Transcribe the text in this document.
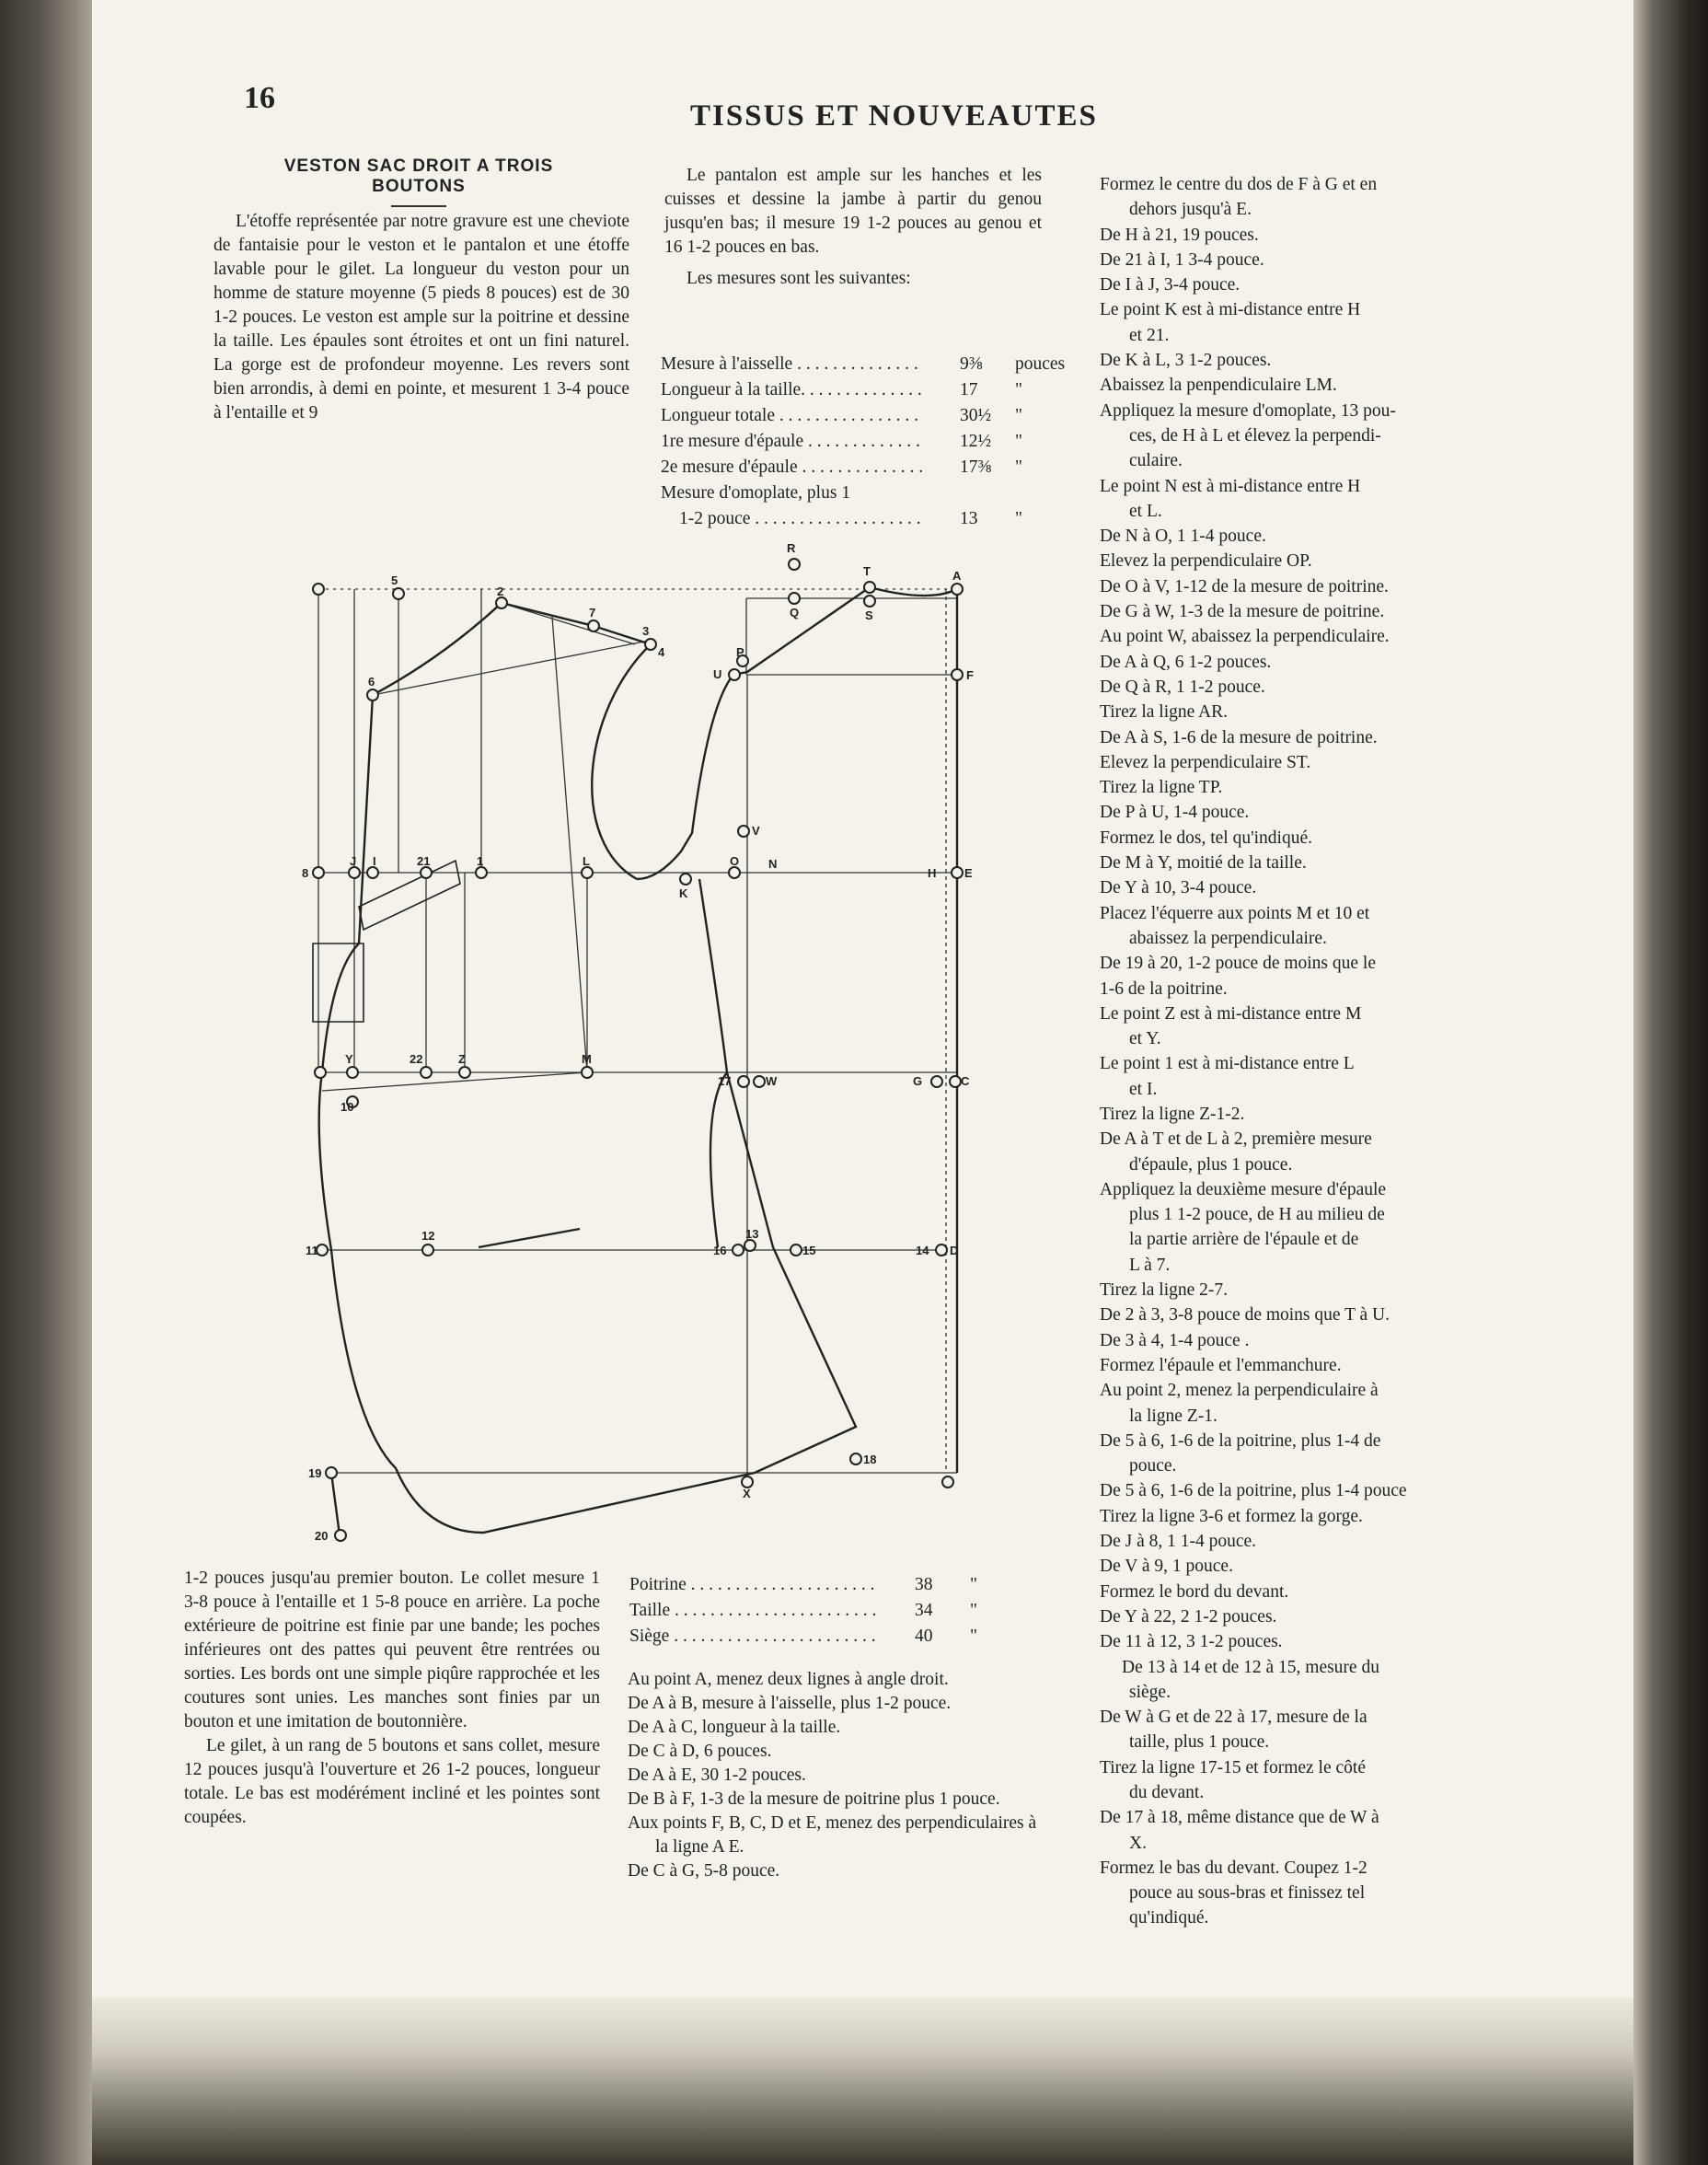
16
TISSUS ET NOUVEAUTES
VESTON SAC DROIT A TROIS
BOUTONS

L'étoffe représentée par notre gravure est une cheviote de fantaisie pour le veston et le pantalon et une étoffe lavable pour le gilet. La longueur du veston pour un homme de stature moyenne (5 pieds 8 pouces) est de 30 1-2 pouces. Le veston est ample sur la poitrine et dessine la taille. Les épaules sont étroites et ont un fini naturel. La gorge est de profondeur moyenne. Les revers sont bien arrondis, à demi en pointe, et mesurent 1 3-4 pouce à l'entaille et 9

Le pantalon est ample sur les hanches et les cuisses et dessine la jambe à partir du genou jusqu'en bas; il mesure 19 1-2 pouces au genou et 16 1-2 pouces en bas.

Les mesures sont les suivantes:

Mesure à l'aisselle . . . . . . . . . . . . . .	9⅜	pouces
Longueur à la taille. . . . . . . . . . . . . .	17	"
Longueur totale . . . . . . . . . . . . . . . .	30½	"
1re mesure d'épaule . . . . . . . . . . . . .	12½	"
2e mesure d'épaule . . . . . . . . . . . . . .	17⅜	"
Mesure d'omoplate, plus 1
1-2 pouce . . . . . . . . . . . . . . . . . . .	13	"
5
2
7
3
4
6
R
T	A
Q	S
P
U	F
V
8
J I	21	1	L
K
O N
H E
Y	22	Z	M
17	W	G	C
10
11
12	13
16	15	14 D
19
X
18
20

1-2 pouces jusqu'au premier bouton. Le collet mesure 1 3-8 pouce à l'entaille et 1 5-8 pouce en arrière. La poche extérieure de poitrine est finie par une bande; les poches inférieures ont des pattes qui peuvent être rentrées ou sorties. Les bords ont une simple piqûre rapprochée et les coutures sont unies. Les manches sont finies par un bouton et une imitation de boutonnière.

Le gilet, à un rang de 5 boutons et sans collet, mesure 12 pouces jusqu'à l'ouverture et 26 1-2 pouces, longueur totale. Le bas est modérément incliné et les pointes sont coupées.

Poitrine . . . . . . . . . . . . . . . . . . . . .	38	"
Taille . . . . . . . . . . . . . . . . . . . . . . .	34	"
Siège . . . . . . . . . . . . . . . . . . . . . . .	40	"
Au point A, menez deux lignes à angle droit.
De A à B, mesure à l'aisselle, plus 1-2 pouce.
De A à C, longueur à la taille.
De C à D, 6 pouces.
De A à E, 30 1-2 pouces.
De B à F, 1-3 de la mesure de poitrine plus 1 pouce.
Aux points F, B, C, D et E, menez des perpendiculaires à la ligne A E.
De C à G, 5-8 pouce.
Formez le centre du dos de F à G et en
dehors jusqu'à E.
De H à 21, 19 pouces.
De 21 à I, 1 3-4 pouce.
De I à J, 3-4 pouce.
Le point K est à mi-distance entre H
et 21.
De K à L, 3 1-2 pouces.
Abaissez la penpendiculaire LM.
Appliquez la mesure d'omoplate, 13 pou-
ces, de H à L et élevez la perpendi-
culaire.
Le point N est à mi-distance entre H
et L.
De N à O, 1 1-4 pouce.
Elevez la perpendiculaire OP.
De O à V, 1-12 de la mesure de poitrine.
De G à W, 1-3 de la mesure de poitrine.
Au point W, abaissez la perpendiculaire.
De A à Q, 6 1-2 pouces.
De Q à R, 1 1-2 pouce.
Tirez la ligne AR.
De A à S, 1-6 de la mesure de poitrine.
Elevez la perpendiculaire ST.
Tirez la ligne TP.
De P à U, 1-4 pouce.
Formez le dos, tel qu'indiqué.
De M à Y, moitié de la taille.
De Y à 10, 3-4 pouce.
Placez l'équerre aux points M et 10 et
abaissez la perpendiculaire.
De 19 à 20, 1-2 pouce de moins que le
1-6 de la poitrine.
Le point Z est à mi-distance entre M
et Y.
Le point 1 est à mi-distance entre L
et I.
Tirez la ligne Z-1-2.
De A à T et de L à 2, première mesure
d'épaule, plus 1 pouce.
Appliquez la deuxième mesure d'épaule
plus 1 1-2 pouce, de H au milieu de
la partie arrière de l'épaule et de
L à 7.
Tirez la ligne 2-7.
De 2 à 3, 3-8 pouce de moins que T à U.
De 3 à 4, 1-4 pouce .
Formez l'épaule et l'emmanchure.
Au point 2, menez la perpendiculaire à
la ligne Z-1.
De 5 à 6, 1-6 de la poitrine, plus 1-4 de
pouce.
De 5 à 6, 1-6 de la poitrine, plus 1-4 pouce
Tirez la ligne 3-6 et formez la gorge.
De J à 8, 1 1-4 pouce.
De V à 9, 1 pouce.
Formez le bord du devant.
De Y à 22, 2 1-2 pouces.
De 11 à 12, 3 1-2 pouces.
De 13 à 14 et de 12 à 15, mesure du
siège.
De W à G et de 22 à 17, mesure de la
taille, plus 1 pouce.
Tirez la ligne 17-15 et formez le côté
du devant.
De 17 à 18, même distance que de W à
X.
Formez le bas du devant. Coupez 1-2
pouce au sous-bras et finissez tel
qu'indiqué.
